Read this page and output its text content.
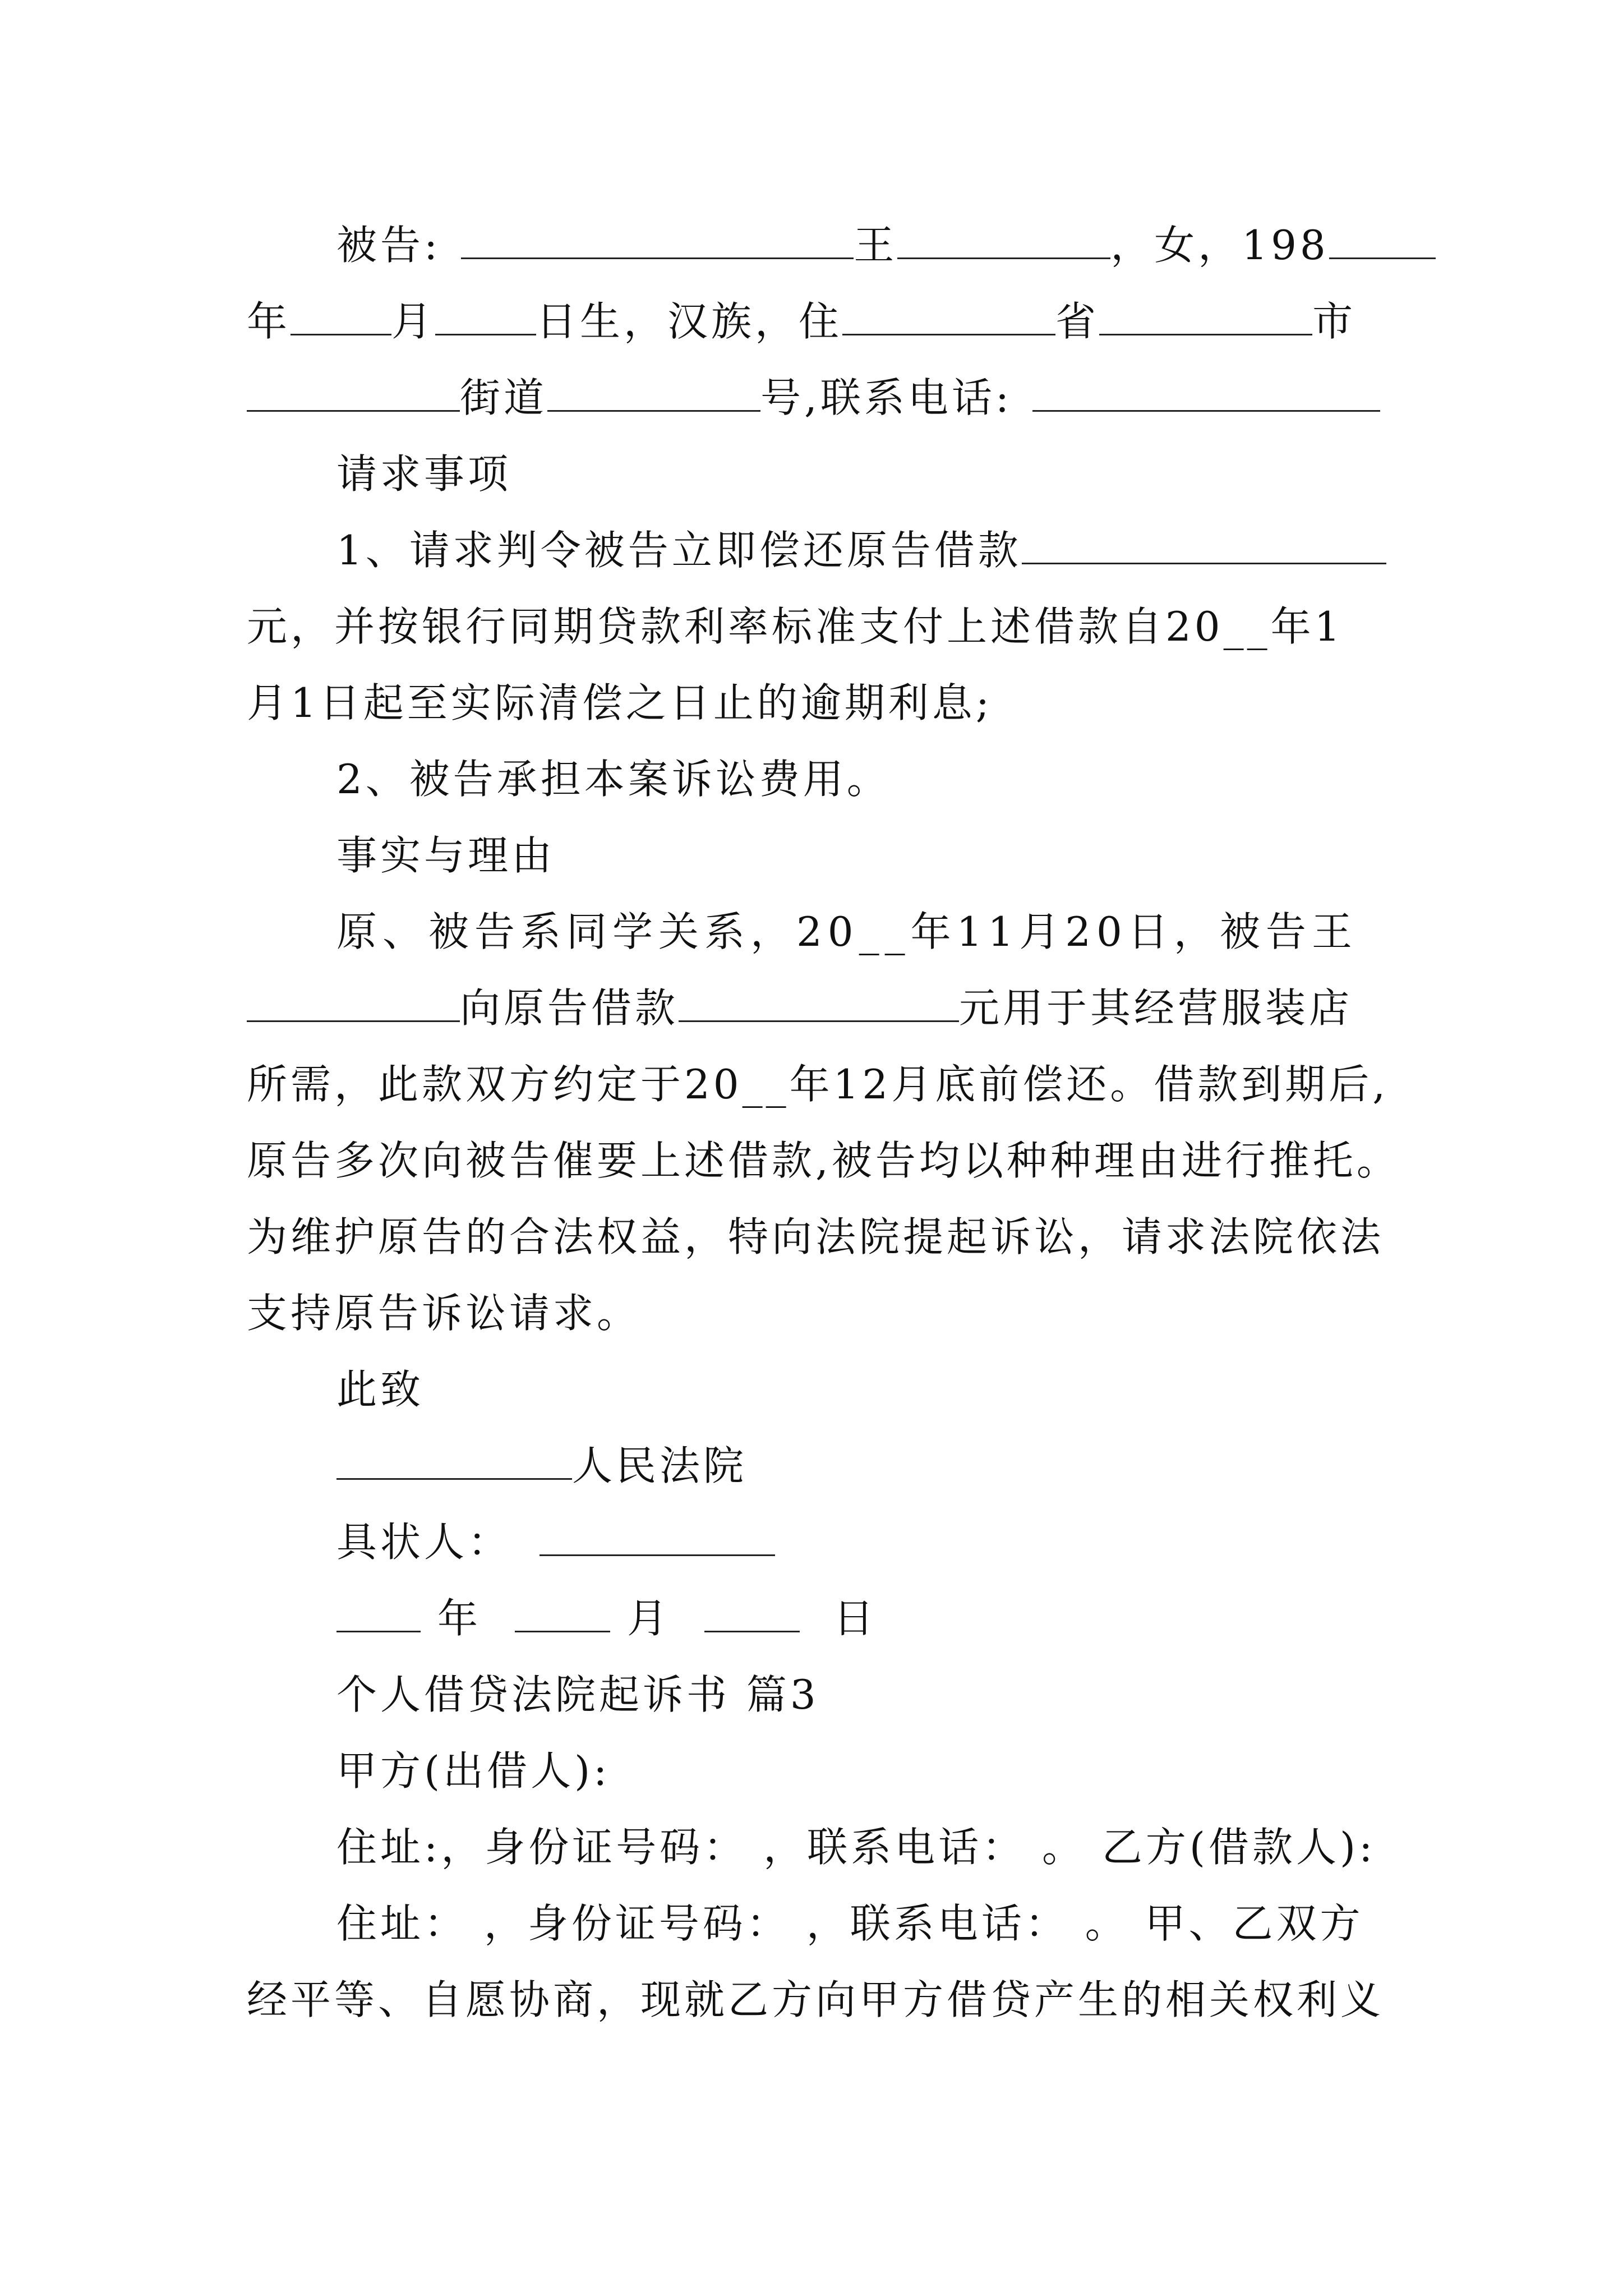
被告:	王	，女，198
年	月	日生，汉族，住	省	市
街道	号,联系电话:
请求事项
1、请求判令被告立即偿还原告借款
元，并按银行同期贷款利率标准支付上述借款自20__年1
月1日起至实际清偿之日止的逾期利息;
2、被告承担本案诉讼费用。
事实与理由
原、被告系同学关系，20__年11月20日，被告王
向原告借款	元用于其经营服装店
所需，此款双方约定于20__年12月底前偿还。借款到期后,
原告多次向被告催要上述借款,被告均以种种理由进行推托。
为维护原告的合法权益，特向法院提起诉讼，请求法院依法
支持原告诉讼请求。
此致
人民法院
具状人：
年	月	日
个人借贷法院起诉书 篇3
甲方(出借人):
住址:，身份证号码： ，联系电话： 。 乙方(借款人):
住址： ，身份证号码： ，联系电话： 。 甲、乙双方
经平等、自愿协商，现就乙方向甲方借贷产生的相关权利义
